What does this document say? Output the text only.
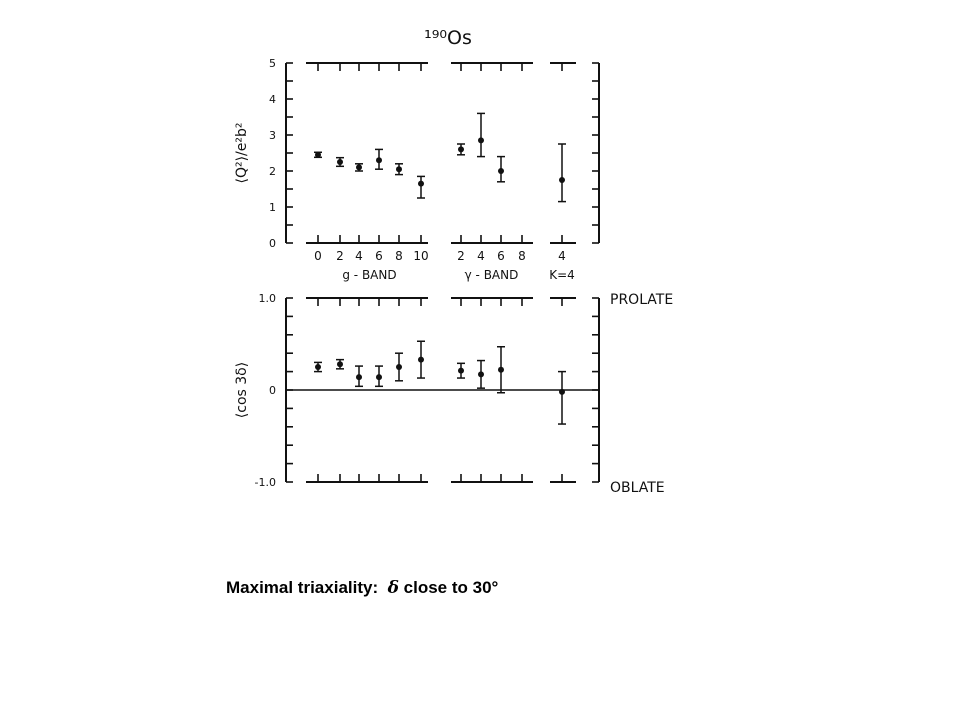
¹⁹⁰Os
0
1
2
3
4
5
0 2 4 6 8 10
g - BAND
2 4 6 8
γ - BAND
4
K=4
⟨Q²⟩/e²b²
-1.0
0
1.0
⟨cos 3δ⟩
PROLATE
OBLATE
Maximal triaxiality: δ close to 30°
